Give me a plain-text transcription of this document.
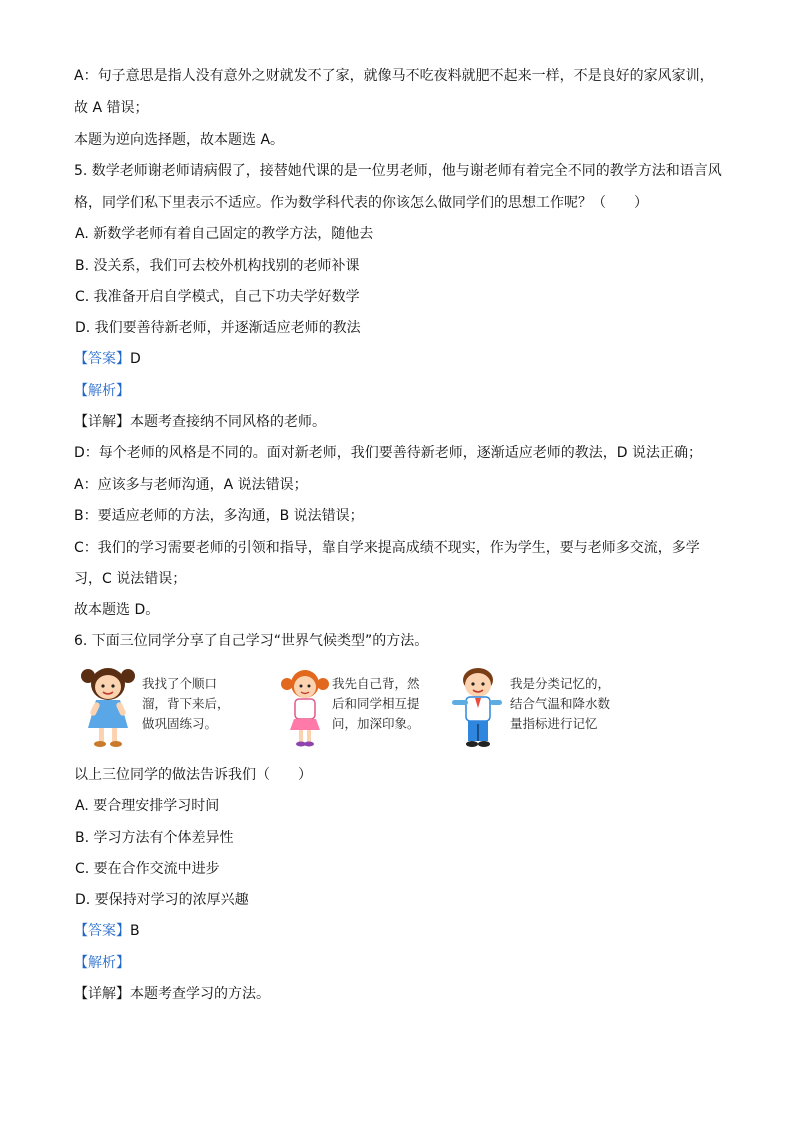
A：句子意思是指人没有意外之财就发不了家，就像马不吃夜料就肥不起来一样，不是良好的家风家训，
故 A 错误；
本题为逆向选择题，故本题选 A。
5. 数学老师谢老师请病假了，接替她代课的是一位男老师，他与谢老师有着完全不同的教学方法和语言风
格，同学们私下里表示不适应。作为数学科代表的你该怎么做同学们的思想工作呢？（　　）
A. 新数学老师有着自己固定的教学方法，随他去
B. 没关系，我们可去校外机构找别的老师补课
C. 我准备开启自学模式，自己下功夫学好数学
D. 我们要善待新老师，并逐渐适应老师的教法
【答案】D
【解析】
【详解】本题考查接纳不同风格的老师。
D：每个老师的风格是不同的。面对新老师，我们要善待新老师，逐渐适应老师的教法，D 说法正确；
A：应该多与老师沟通，A 说法错误；
B：要适应老师的方法，多沟通，B 说法错误；
C：我们的学习需要老师的引领和指导，靠自学来提高成绩不现实，作为学生，要与老师多交流，多学
习，C 说法错误；
故本题选 D。
6. 下面三位同学分享了自己学习“世界气候类型”的方法。
我找了个顺口
溜，背下来后，
做巩固练习。
我先自己背，然
后和同学相互提
问，加深印象。
我是分类记忆的，
结合气温和降水数
量指标进行记忆
以上三位同学的做法告诉我们（　　）
A. 要合理安排学习时间
B. 学习方法有个体差异性
C. 要在合作交流中进步
D. 要保持对学习的浓厚兴趣
【答案】B
【解析】
【详解】本题考查学习的方法。
